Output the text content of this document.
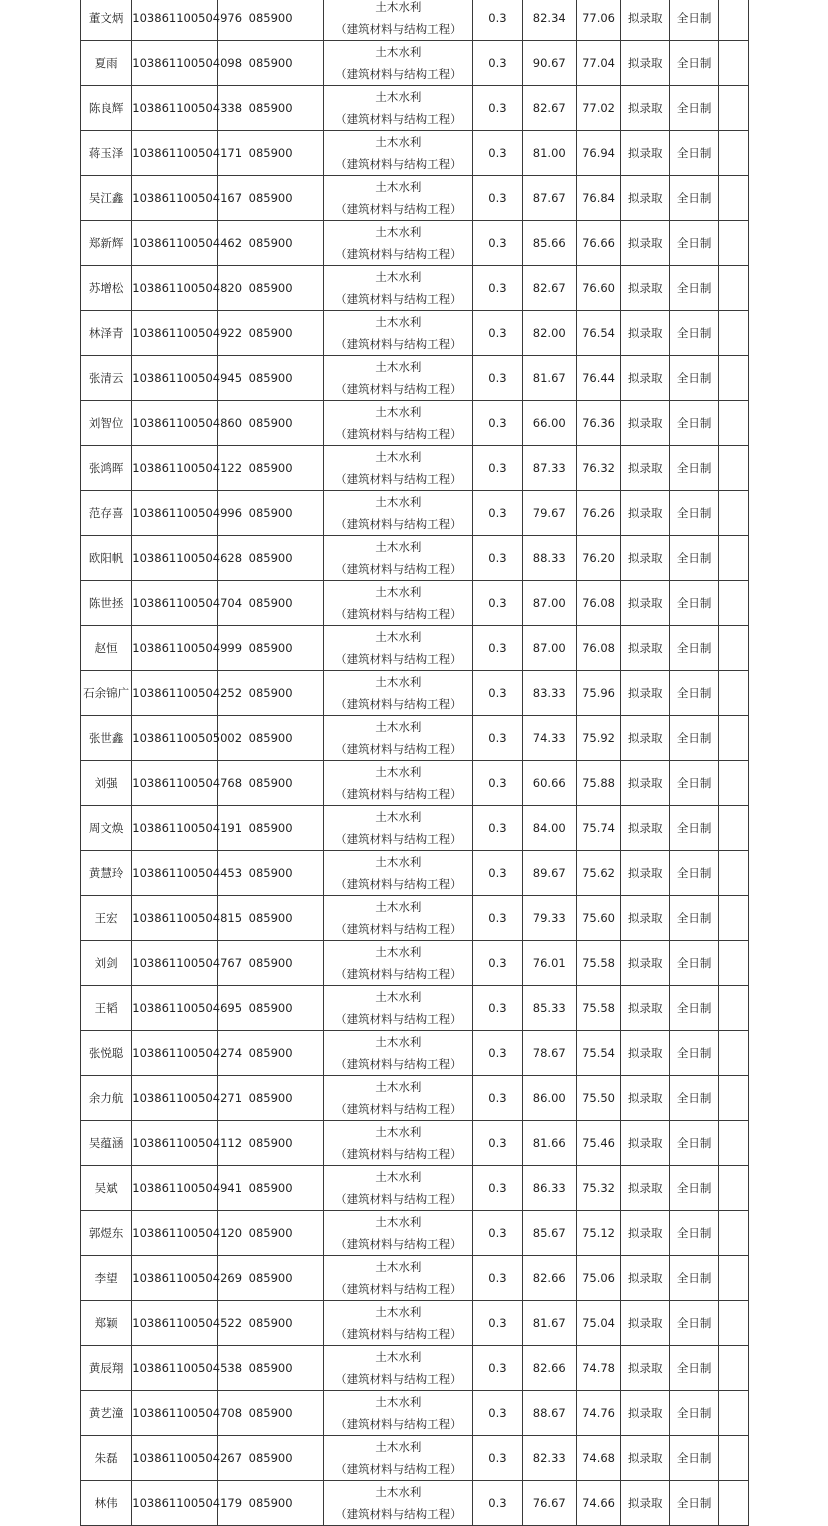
董文炳	103861100504976	085900	土木水利
（建筑材料与结构工程）	0.3	82.34	77.06	拟录取	全日制	
夏雨	103861100504098	085900	土木水利
（建筑材料与结构工程）	0.3	90.67	77.04	拟录取	全日制	
陈良辉	103861100504338	085900	土木水利
（建筑材料与结构工程）	0.3	82.67	77.02	拟录取	全日制	
蒋玉泽	103861100504171	085900	土木水利
（建筑材料与结构工程）	0.3	81.00	76.94	拟录取	全日制	
吴江鑫	103861100504167	085900	土木水利
（建筑材料与结构工程）	0.3	87.67	76.84	拟录取	全日制	
郑新辉	103861100504462	085900	土木水利
（建筑材料与结构工程）	0.3	85.66	76.66	拟录取	全日制	
苏增松	103861100504820	085900	土木水利
（建筑材料与结构工程）	0.3	82.67	76.60	拟录取	全日制	
林泽青	103861100504922	085900	土木水利
（建筑材料与结构工程）	0.3	82.00	76.54	拟录取	全日制	
张清云	103861100504945	085900	土木水利
（建筑材料与结构工程）	0.3	81.67	76.44	拟录取	全日制	
刘智位	103861100504860	085900	土木水利
（建筑材料与结构工程）	0.3	66.00	76.36	拟录取	全日制	
张鸿晖	103861100504122	085900	土木水利
（建筑材料与结构工程）	0.3	87.33	76.32	拟录取	全日制	
范存喜	103861100504996	085900	土木水利
（建筑材料与结构工程）	0.3	79.67	76.26	拟录取	全日制	
欧阳帆	103861100504628	085900	土木水利
（建筑材料与结构工程）	0.3	88.33	76.20	拟录取	全日制	
陈世拯	103861100504704	085900	土木水利
（建筑材料与结构工程）	0.3	87.00	76.08	拟录取	全日制	
赵恒	103861100504999	085900	土木水利
（建筑材料与结构工程）	0.3	87.00	76.08	拟录取	全日制	
石余锦广	103861100504252	085900	土木水利
（建筑材料与结构工程）	0.3	83.33	75.96	拟录取	全日制	
张世鑫	103861100505002	085900	土木水利
（建筑材料与结构工程）	0.3	74.33	75.92	拟录取	全日制	
刘强	103861100504768	085900	土木水利
（建筑材料与结构工程）	0.3	60.66	75.88	拟录取	全日制	
周文焕	103861100504191	085900	土木水利
（建筑材料与结构工程）	0.3	84.00	75.74	拟录取	全日制	
黄慧玲	103861100504453	085900	土木水利
（建筑材料与结构工程）	0.3	89.67	75.62	拟录取	全日制	
王宏	103861100504815	085900	土木水利
（建筑材料与结构工程）	0.3	79.33	75.60	拟录取	全日制	
刘剑	103861100504767	085900	土木水利
（建筑材料与结构工程）	0.3	76.01	75.58	拟录取	全日制	
王韬	103861100504695	085900	土木水利
（建筑材料与结构工程）	0.3	85.33	75.58	拟录取	全日制	
张悦聪	103861100504274	085900	土木水利
（建筑材料与结构工程）	0.3	78.67	75.54	拟录取	全日制	
余力航	103861100504271	085900	土木水利
（建筑材料与结构工程）	0.3	86.00	75.50	拟录取	全日制	
吴蕴涵	103861100504112	085900	土木水利
（建筑材料与结构工程）	0.3	81.66	75.46	拟录取	全日制	
吴斌	103861100504941	085900	土木水利
（建筑材料与结构工程）	0.3	86.33	75.32	拟录取	全日制	
郭煜东	103861100504120	085900	土木水利
（建筑材料与结构工程）	0.3	85.67	75.12	拟录取	全日制	
李望	103861100504269	085900	土木水利
（建筑材料与结构工程）	0.3	82.66	75.06	拟录取	全日制	
郑颖	103861100504522	085900	土木水利
（建筑材料与结构工程）	0.3	81.67	75.04	拟录取	全日制	
黄辰翔	103861100504538	085900	土木水利
（建筑材料与结构工程）	0.3	82.66	74.78	拟录取	全日制	
黄艺潼	103861100504708	085900	土木水利
（建筑材料与结构工程）	0.3	88.67	74.76	拟录取	全日制	
朱磊	103861100504267	085900	土木水利
（建筑材料与结构工程）	0.3	82.33	74.68	拟录取	全日制	
林伟	103861100504179	085900	土木水利
（建筑材料与结构工程）	0.3	76.67	74.66	拟录取	全日制	
